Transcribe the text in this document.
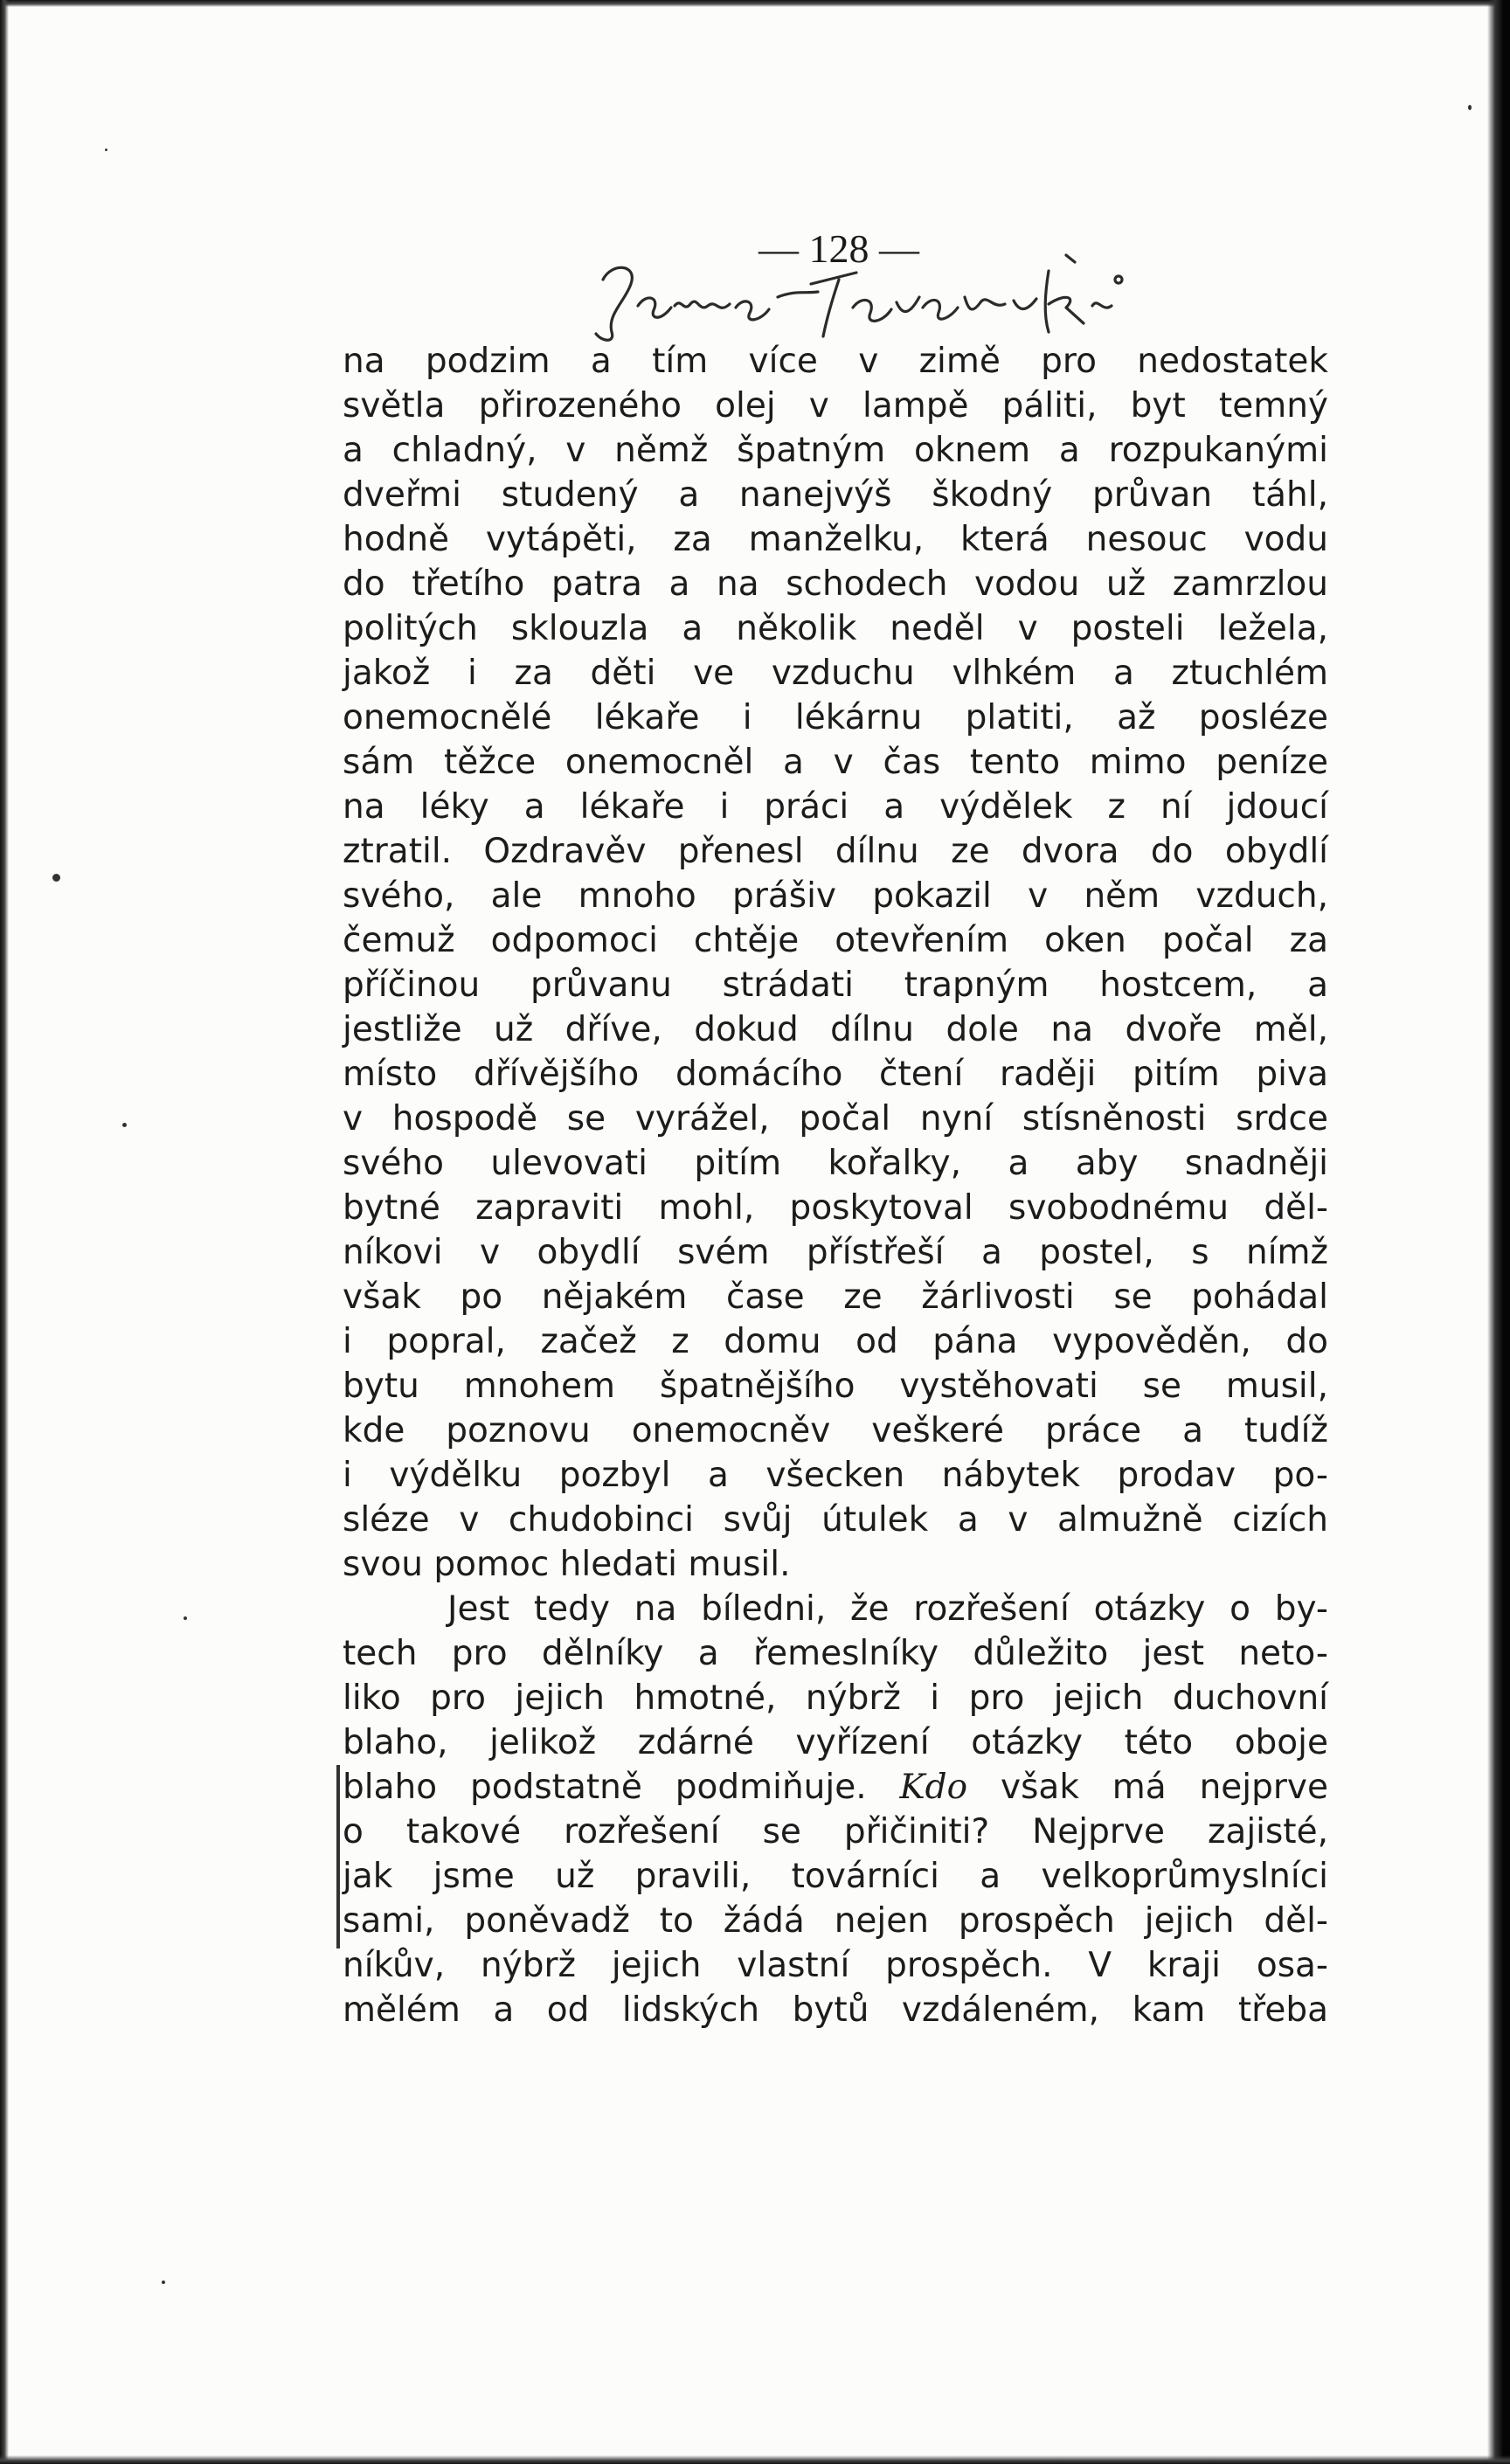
— 128 —
na podzim a tím více v zimě pro nedostatek
světla přirozeného olej v lampě páliti, byt temný
a chladný, v němž špatným oknem a rozpukanými
dveřmi studený a nanejvýš škodný průvan táhl,
hodně vytápěti, za manželku, která nesouc vodu
do třetího patra a na schodech vodou už zamrzlou
politých sklouzla a několik neděl v posteli ležela,
jakož i za děti ve vzduchu vlhkém a ztuchlém
onemocnělé lékaře i lékárnu platiti, až posléze
sám těžce onemocněl a v čas tento mimo peníze
na léky a lékaře i práci a výdělek z ní jdoucí
ztratil. Ozdravěv přenesl dílnu ze dvora do obydlí
svého, ale mnoho prášiv pokazil v něm vzduch,
čemuž odpomoci chtěje otevřením oken počal za
příčinou průvanu strádati trapným hostcem, a
jestliže už dříve, dokud dílnu dole na dvoře měl,
místo dřívějšího domácího čtení raději pitím piva
v hospodě se vyrážel, počal nyní stísněnosti srdce
svého ulevovati pitím kořalky, a aby snadněji
bytné zapraviti mohl, poskytoval svobodnému děl-
níkovi v obydlí svém přístřeší a postel, s nímž
však po nějakém čase ze žárlivosti se pohádal
i popral, začež z domu od pána vypověděn, do
bytu mnohem špatnějšího vystěhovati se musil,
kde poznovu onemocněv veškeré práce a tudíž
i výdělku pozbyl a všecken nábytek prodav po-
sléze v chudobinci svůj útulek a v almužně cizích
svou pomoc hledati musil.
Jest tedy na bíledni, že rozřešení otázky o by-
tech pro dělníky a řemeslníky důležito jest neto-
liko pro jejich hmotné, nýbrž i pro jejich duchovní
blaho, jelikož zdárné vyřízení otázky této oboje
blaho podstatně podmiňuje. Kdo však má nejprve
o takové rozřešení se přičiniti? Nejprve zajisté,
jak jsme už pravili, továrníci a velkoprůmyslníci
sami, poněvadž to žádá nejen prospěch jejich děl-
níkův, nýbrž jejich vlastní prospěch. V kraji osa-
mělém a od lidských bytů vzdáleném, kam třeba
